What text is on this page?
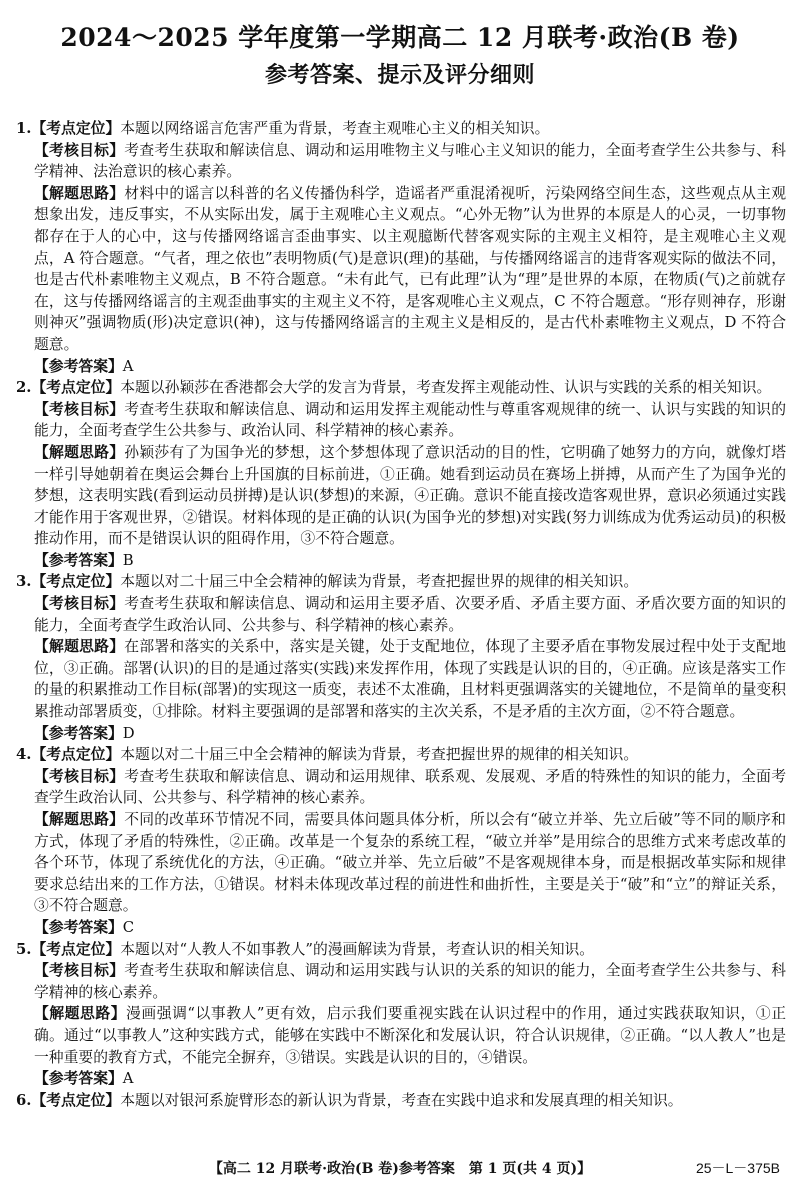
2024～2025 学年度第一学期高二 12 月联考·政治(B 卷)
参考答案、提示及评分细则

1.【考点定位】本题以网络谣言危害严重为背景，考查主观唯心主义的相关知识。

【考核目标】考查考生获取和解读信息、调动和运用唯物主义与唯心主义知识的能力，全面考查学生公共参与、科学精神、法治意识的核心素养。

【解题思路】材料中的谣言以科普的名义传播伪科学，造谣者严重混淆视听，污染网络空间生态，这些观点从主观想象出发，违反事实，不从实际出发，属于主观唯心主义观点。“心外无物”认为世界的本原是人的心灵，一切事物都存在于人的心中，这与传播网络谣言歪曲事实、以主观臆断代替客观实际的主观主义相符，是主观唯心主义观点，A 符合题意。“气者，理之依也”表明物质(气)是意识(理)的基础，与传播网络谣言的违背客观实际的做法不同，也是古代朴素唯物主义观点，B 不符合题意。“未有此气，已有此理”认为“理”是世界的本原，在物质(气)之前就存在，这与传播网络谣言的主观歪曲事实的主观主义不符，是客观唯心主义观点，C 不符合题意。“形存则神存，形谢则神灭”强调物质(形)决定意识(神)，这与传播网络谣言的主观主义是相反的，是古代朴素唯物主义观点，D 不符合题意。

【参考答案】A

2.【考点定位】本题以孙颖莎在香港都会大学的发言为背景，考查发挥主观能动性、认识与实践的关系的相关知识。

【考核目标】考查考生获取和解读信息、调动和运用发挥主观能动性与尊重客观规律的统一、认识与实践的知识的能力，全面考查学生公共参与、政治认同、科学精神的核心素养。

【解题思路】孙颖莎有了为国争光的梦想，这个梦想体现了意识活动的目的性，它明确了她努力的方向，就像灯塔一样引导她朝着在奥运会舞台上升国旗的目标前进，①正确。她看到运动员在赛场上拼搏，从而产生了为国争光的梦想，这表明实践(看到运动员拼搏)是认识(梦想)的来源，④正确。意识不能直接改造客观世界，意识必须通过实践才能作用于客观世界，②错误。材料体现的是正确的认识(为国争光的梦想)对实践(努力训练成为优秀运动员)的积极推动作用，而不是错误认识的阻碍作用，③不符合题意。

【参考答案】B

3.【考点定位】本题以对二十届三中全会精神的解读为背景，考查把握世界的规律的相关知识。

【考核目标】考查考生获取和解读信息、调动和运用主要矛盾、次要矛盾、矛盾主要方面、矛盾次要方面的知识的能力，全面考查学生政治认同、公共参与、科学精神的核心素养。

【解题思路】在部署和落实的关系中，落实是关键，处于支配地位，体现了主要矛盾在事物发展过程中处于支配地位，③正确。部署(认识)的目的是通过落实(实践)来发挥作用，体现了实践是认识的目的，④正确。应该是落实工作的量的积累推动工作目标(部署)的实现这一质变，表述不太准确，且材料更强调落实的关键地位，不是简单的量变积累推动部署质变，①排除。材料主要强调的是部署和落实的主次关系，不是矛盾的主次方面，②不符合题意。

【参考答案】D

4.【考点定位】本题以对二十届三中全会精神的解读为背景，考查把握世界的规律的相关知识。

【考核目标】考查考生获取和解读信息、调动和运用规律、联系观、发展观、矛盾的特殊性的知识的能力，全面考查学生政治认同、公共参与、科学精神的核心素养。

【解题思路】不同的改革环节情况不同，需要具体问题具体分析，所以会有“破立并举、先立后破”等不同的顺序和方式，体现了矛盾的特殊性，②正确。改革是一个复杂的系统工程，“破立并举”是用综合的思维方式来考虑改革的各个环节，体现了系统优化的方法，④正确。“破立并举、先立后破”不是客观规律本身，而是根据改革实际和规律要求总结出来的工作方法，①错误。材料未体现改革过程的前进性和曲折性，主要是关于“破”和“立”的辩证关系，③不符合题意。

【参考答案】C

5.【考点定位】本题以对“人教人不如事教人”的漫画解读为背景，考查认识的相关知识。

【考核目标】考查考生获取和解读信息、调动和运用实践与认识的关系的知识的能力，全面考查学生公共参与、科学精神的核心素养。

【解题思路】漫画强调“以事教人”更有效，启示我们要重视实践在认识过程中的作用，通过实践获取知识，①正确。通过“以事教人”这种实践方式，能够在实践中不断深化和发展认识，符合认识规律，②正确。“以人教人”也是一种重要的教育方式，不能完全摒弃，③错误。实践是认识的目的，④错误。

【参考答案】A

6.【考点定位】本题以对银河系旋臂形态的新认识为背景，考查在实践中追求和发展真理的相关知识。

【高二 12 月联考·政治(B 卷)参考答案　第 1 页(共 4 页)】	25－L－375B
